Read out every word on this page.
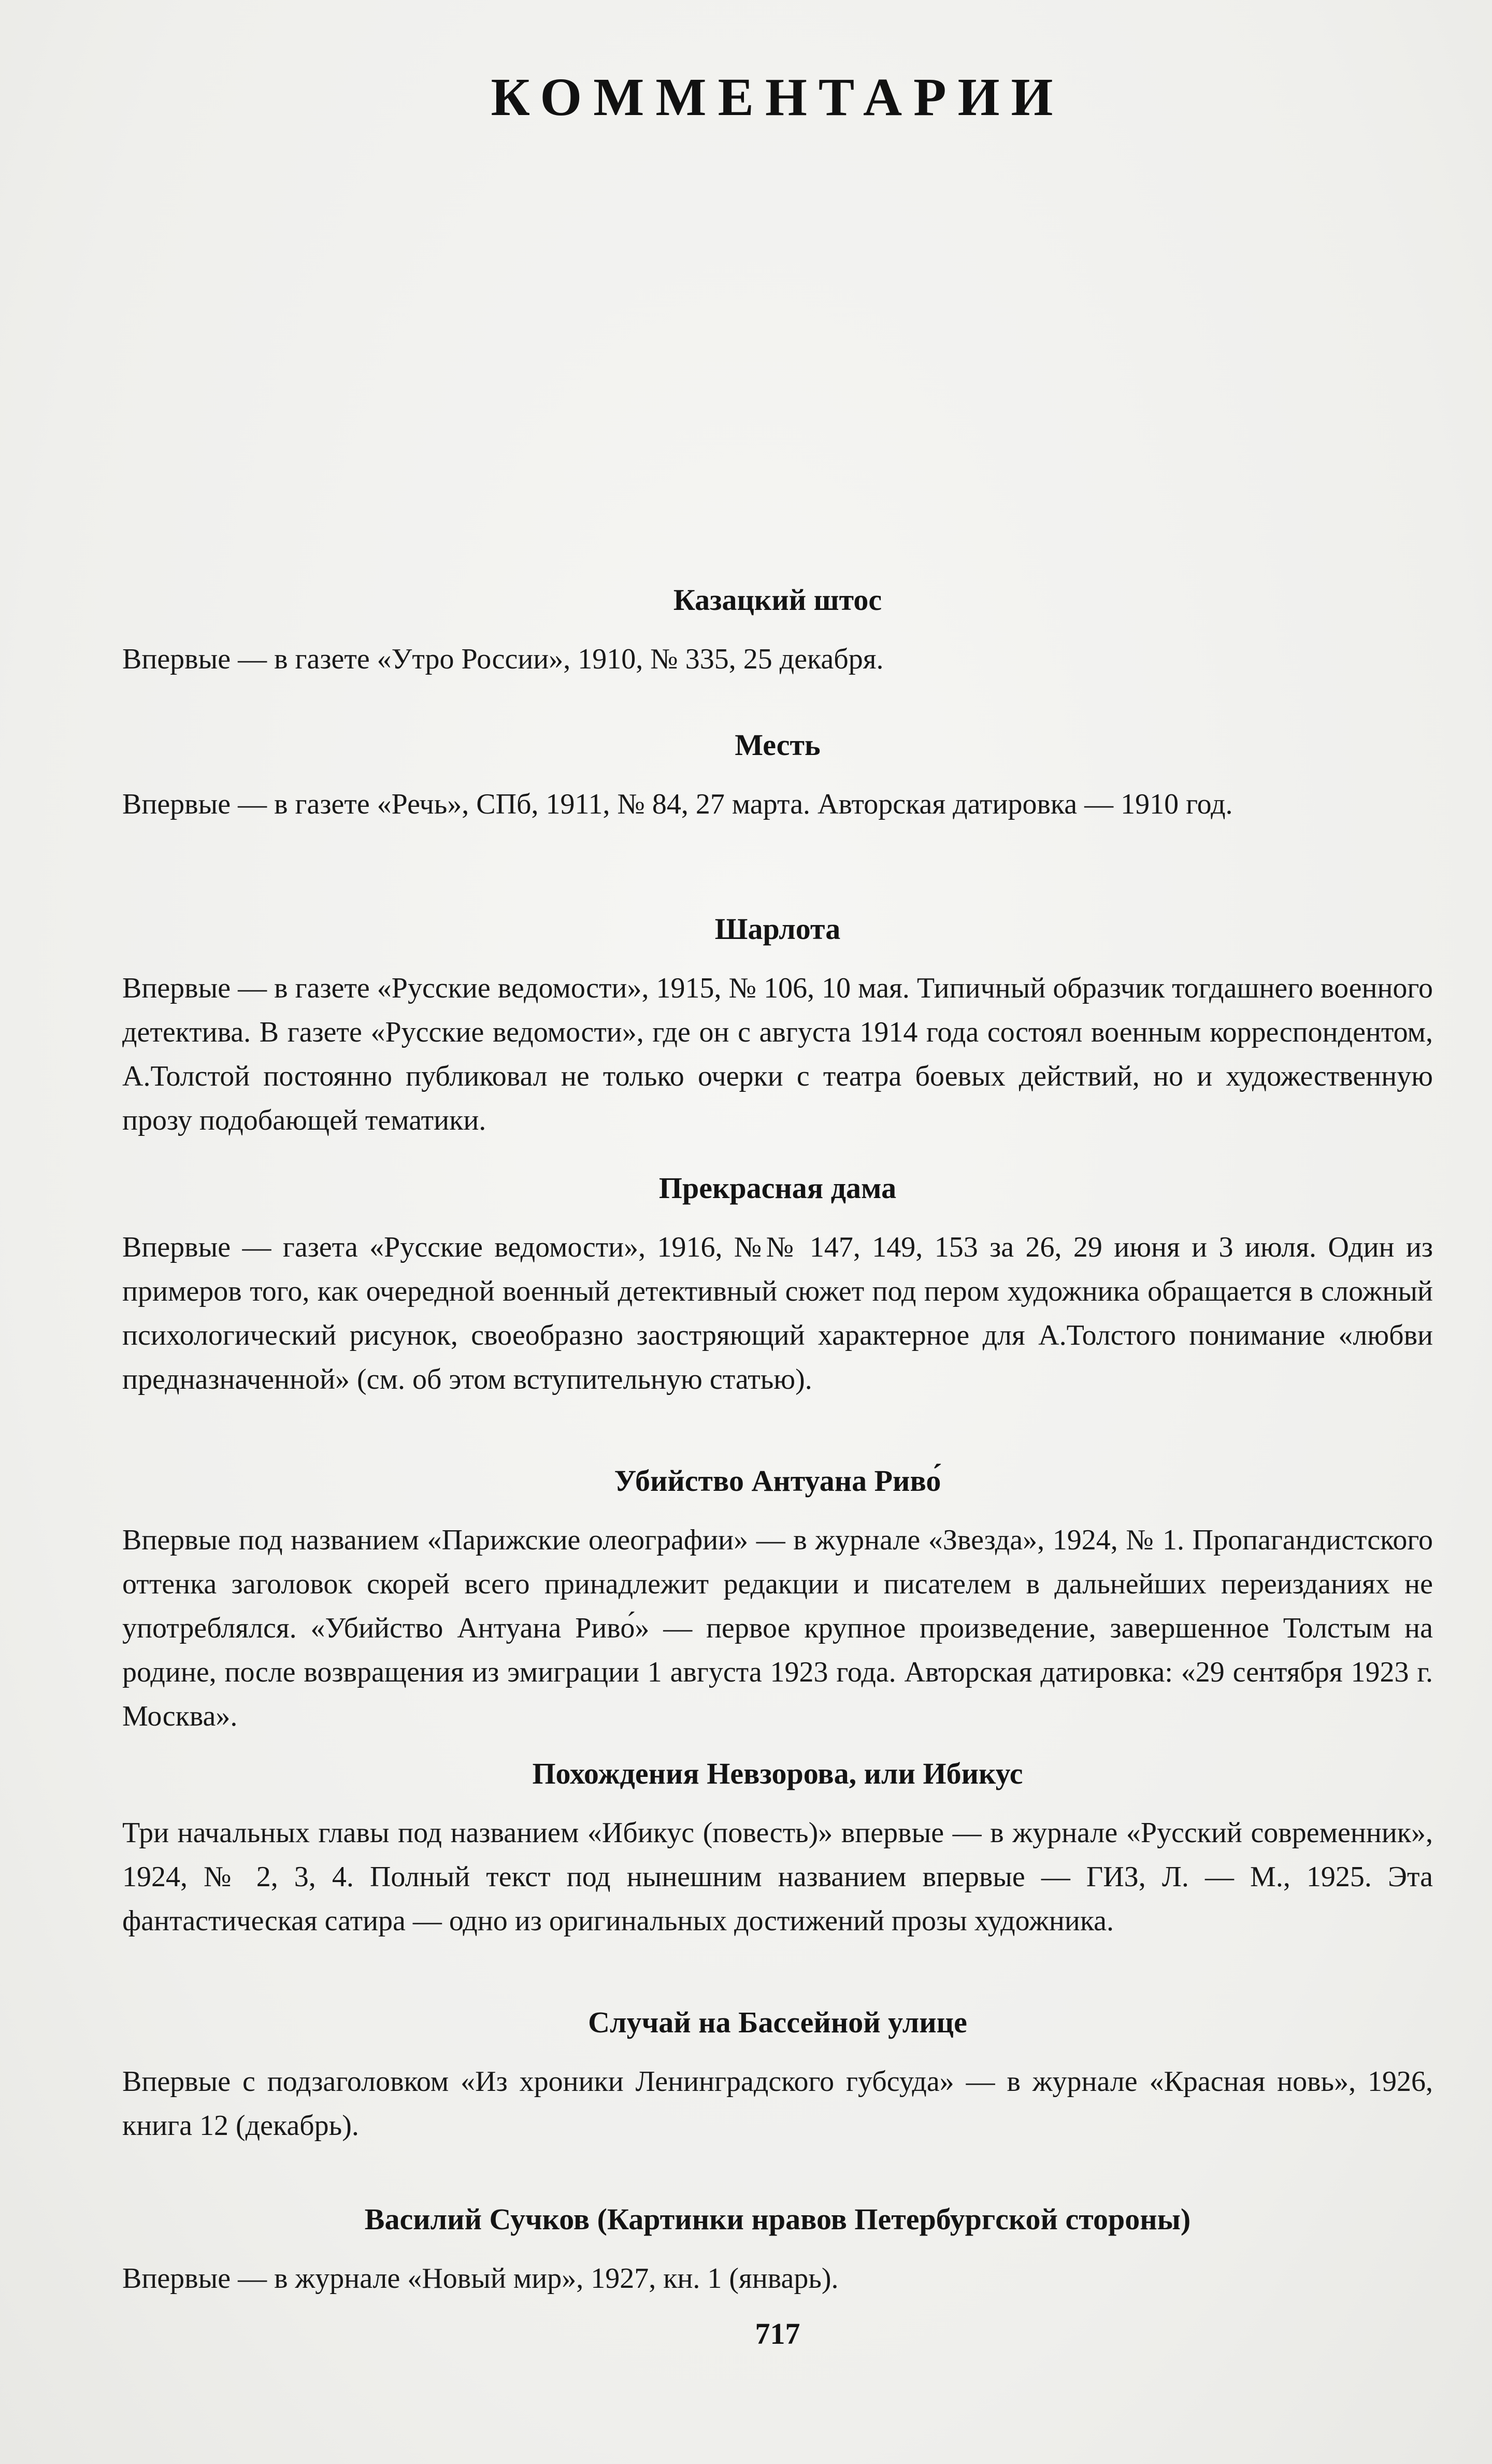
КОММЕНТАРИИ
Казацкий штос
Впервые — в газете «Утро России», 1910, № 335, 25 декабря.
Месть
Впервые — в газете «Речь», СПб, 1911, № 84, 27 марта. Авторская датировка — 1910 год.
Шарлота
Впервые — в газете «Русские ведомости», 1915, № 106, 10 мая. Типичный образчик тогдашнего военного детектива. В газете «Русские ведомости», где он с августа 1914 года состоял военным корреспондентом, А.Толстой постоянно публиковал не только очерки с театра боевых действий, но и художественную прозу подобающей тематики.
Прекрасная дама
Впервые — газета «Русские ведомости», 1916, №№ 147, 149, 153 за 26, 29 июня и 3 июля. Один из примеров того, как очередной военный детективный сюжет под пером художника обращается в сложный психологический рисунок, своеобразно заостряющий характерное для А.Толстого понимание «любви предназначенной» (см. об этом вступительную статью).
Убийство Антуана Риво́
Впервые под названием «Парижские олеографии» — в журнале «Звезда», 1924, № 1. Пропагандистского оттенка заголовок скорей всего принадлежит редакции и писателем в дальнейших переизданиях не употреблялся. «Убийство Антуана Риво́» — первое крупное произведение, завершенное Толстым на родине, после возвращения из эмиграции 1 августа 1923 года. Авторская датировка: «29 сентября 1923 г. Москва».
Похождения Невзорова, или Ибикус
Три начальных главы под названием «Ибикус (повесть)» впервые — в журнале «Русский современник», 1924, № 2, 3, 4. Полный текст под нынешним названием впервые — ГИЗ, Л. — М., 1925. Эта фантастическая сатира — одно из оригинальных достижений прозы художника.
Случай на Бассейной улице
Впервые с подзаголовком «Из хроники Ленинградского губсуда» — в журнале «Красная новь», 1926, книга 12 (декабрь).
Василий Сучков (Картинки нравов Петербургской стороны)
Впервые — в журнале «Новый мир», 1927, кн. 1 (январь).
717
